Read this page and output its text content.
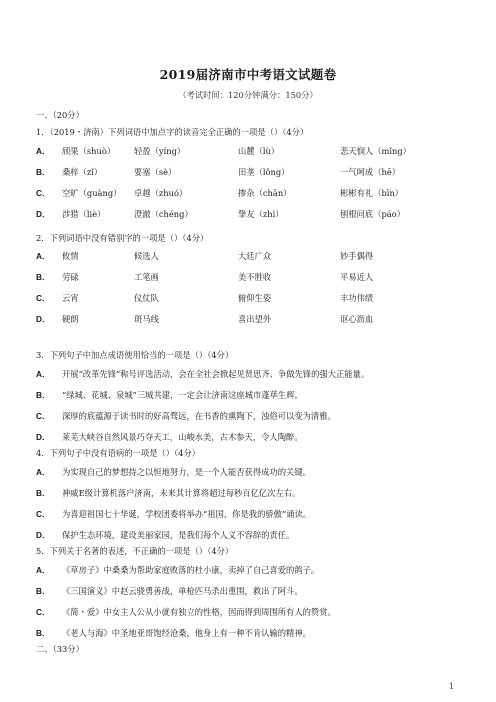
2019届济南市中考语文试题卷
（考试时间：120分钟满分：150分）
一、（20分）
1．（2019・济南）下列词语中加点字的读音完全正确的一项是（）（4分）
A． 颀果（shuò） 轻盈（yíng）	山麓（lù）	悲天悯人（mǐng）
B． 桑梓（zǐ）	要塞（sè）	田垄（lǒng）	一气呵成（hē）
C． 空旷（guàng） 卓越（zhuó）	掺杂（chān）	彬彬有礼（bīn）
D． 涉猎（liè）	澄澈（chéng）	挚友（zhì）	刨根问底（páo）
2．下列词语中没有错别字的一项是（）（4分）
A． 攸情	候选人	大廷广众	妙手偶得
B． 劳碌	工笔画	美不胜收	平易近人
C． 云宵	仪仗队	俯仰生姿	丰功伟绩
D． 硬朗	斑马线	喜出望外	讴心沥血
3．下列句子中加点成语使用恰当的一项是（）（4分）
A． 开展“改革先锋”称号评选活动，会在全社会掀起见贤思齐、争做先锋的强大正能量。
B． “绿城、花城、泉城”三城共建，一定会让济南这座城市蓬荜生辉。
C． 深厚的底蕴源于读书时的好高骛远，在书香的熏陶下，浊俗可以变为清雅。
D． 莱芜大峡谷自然风景巧夺天工，山峻水美，古木参天，令人陶醉。
4．下列句子中没有语病的一项是（）（4分）
A． 为实现自己的梦想持之以恒地努力，是一个人能否获得成功的关键。
B． 神威E级计算机落户济南，未来其计算将超过每秒百亿亿次左右。
C． 为喜迎祖国七十华诞，学校团委将举办“祖国，你是我的骄傲”诵读。
D． 保护生态环境，建设美丽家园，是我们每个人义不容辞的责任。
5．下列关于名著的表述，不正确的一项是（）（4分）
A． 《草房子》中桑桑为帮助家庭败落的杜小康，卖掉了自己喜爱的鸽子。
B． 《三国演义》中赵云骁勇善战，单枪匹马杀出重围，救出了阿斗。
C． 《简・爱》中女主人公从小就有独立的性格，因而得到周围所有人的赞赏。
B． 《老人与海》中圣地亚哥饱经沧桑，他身上有一种不肯认输的精神。
二、（33分）
1
